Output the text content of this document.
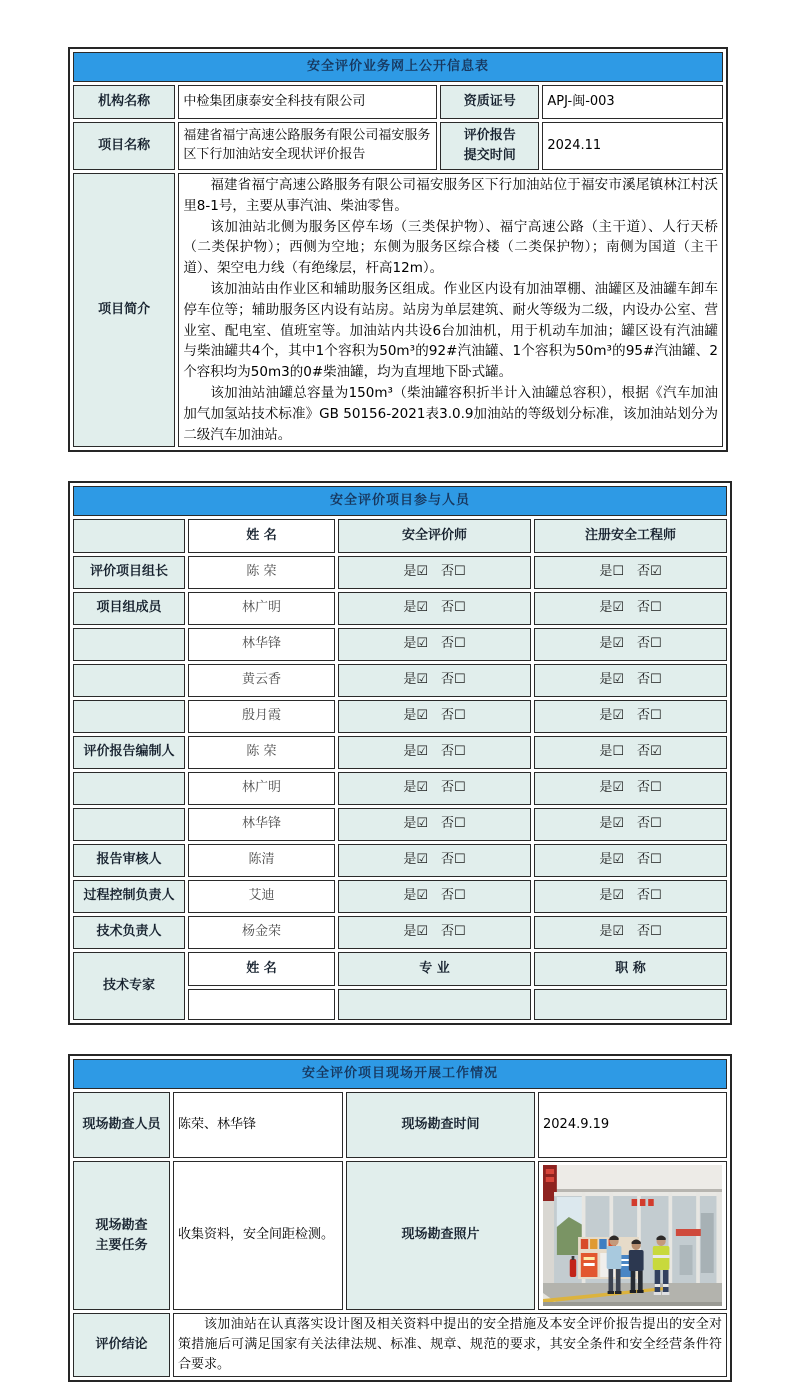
安全评价业务网上公开信息表			
机构名称	中检集团康泰安全科技有限公司	资质证号	APJ-闽-003
项目名称	福建省福宁高速公路服务有限公司福安服务区下行加油站安全现状评价报告	评价报告提交时间	2024.11
项目简介	福建省福宁高速公路服务有限公司福安服务区下行加油站位于福安市溪尾镇林江村沃里8-1号，主要从事汽油、柴油零售。

该加油站北侧为服务区停车场（三类保护物）、福宁高速公路（主干道）、人行天桥（二类保护物）；西侧为空地；东侧为服务区综合楼（二类保护物）；南侧为国道（主干道）、架空电力线（有绝缘层，杆高12m）。

该加油站由作业区和辅助服务区组成。作业区内设有加油罩棚、油罐区及油罐车卸车停车位等；辅助服务区内设有站房。站房为单层建筑、耐火等级为二级，内设办公室、营业室、配电室、值班室等。加油站内共设6台加油机，用于机动车加油；罐区设有汽油罐与柴油罐共4个，其中1个容积为50m³的92#汽油罐、1个容积为50m³的95#汽油罐、2个容积均为50m3的0#柴油罐，均为直埋地下卧式罐。

该加油站油罐总容量为150m³（柴油罐容积折半计入油罐总容积），根据《汽车加油加气加氢站技术标准》GB 50156-2021表3.0.9加油站的等级划分标准，该加油站划分为二级汽车加油站。		

安全评价项目参与人员			
	姓 名	安全评价师	注册安全工程师
评价项目组长	陈 荣	是☑　否☐	是☐　否☑
项目组成员	林广明	是☑　否☐	是☑　否☐
	林华锋	是☑　否☐	是☑　否☐
	黄云香	是☑　否☐	是☑　否☐
	殷月霞	是☑　否☐	是☑　否☐
评价报告编制人	陈 荣	是☑　否☐	是☐　否☑
	林广明	是☑　否☐	是☑　否☐
	林华锋	是☑　否☐	是☑　否☐
报告审核人	陈清	是☑　否☐	是☑　否☐
过程控制负责人	艾迪	是☑　否☐	是☑　否☐
技术负责人	杨金荣	是☑　否☐	是☑　否☐
技术专家	姓 名	专 业	职 称

安全评价项目现场开展工作情况			
现场勘查人员	陈荣、林华锋	现场勘查时间	2024.9.19
现场勘查主要任务	收集资料，安全间距检测。	现场勘查照片	

评价结论	该加油站在认真落实设计图及相关资料中提出的安全措施及本安全评价报告提出的安全对策措施后可满足国家有关法律法规、标准、规章、规范的要求，其安全条件和安全经营条件符合要求。		
